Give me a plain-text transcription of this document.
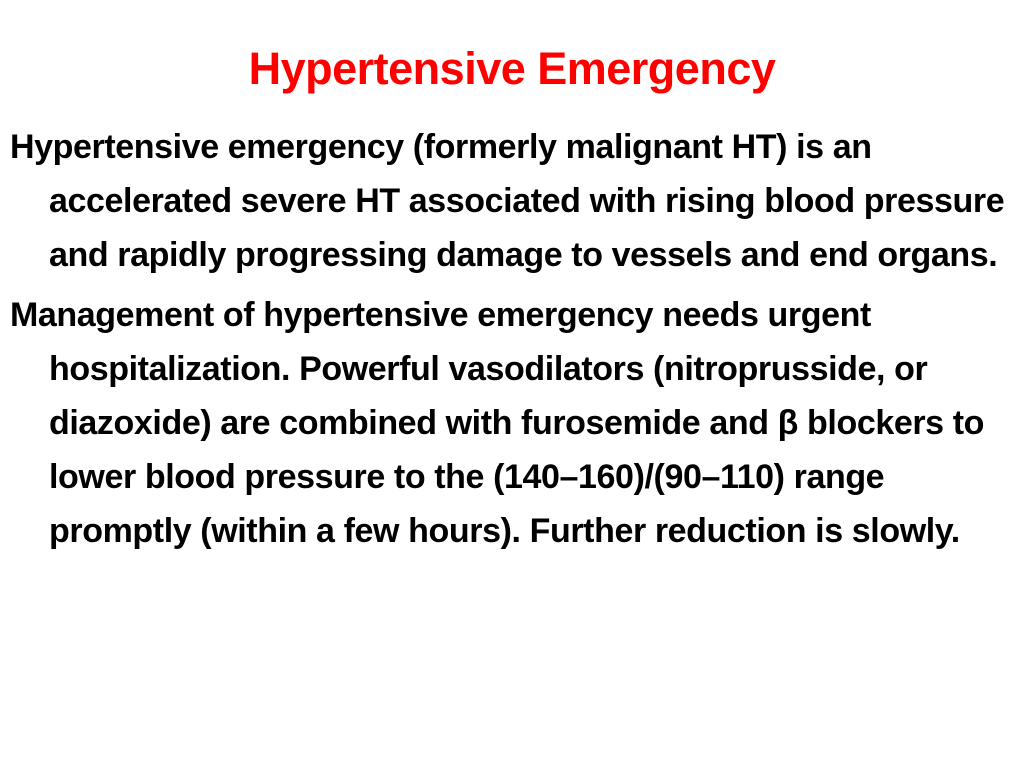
Hypertensive Emergency

Hypertensive emergency (formerly malignant HT) is an accelerated severe HT associated with rising blood pressure and rapidly progressing damage to vessels and end organs.

Management of hypertensive emergency needs urgent hospitalization. Powerful vasodilators (nitroprusside, or diazoxide) are combined with furosemide and β blockers to lower blood pressure to the (140–160)/(90–110) range promptly (within a few hours). Further reduction is slowly.
